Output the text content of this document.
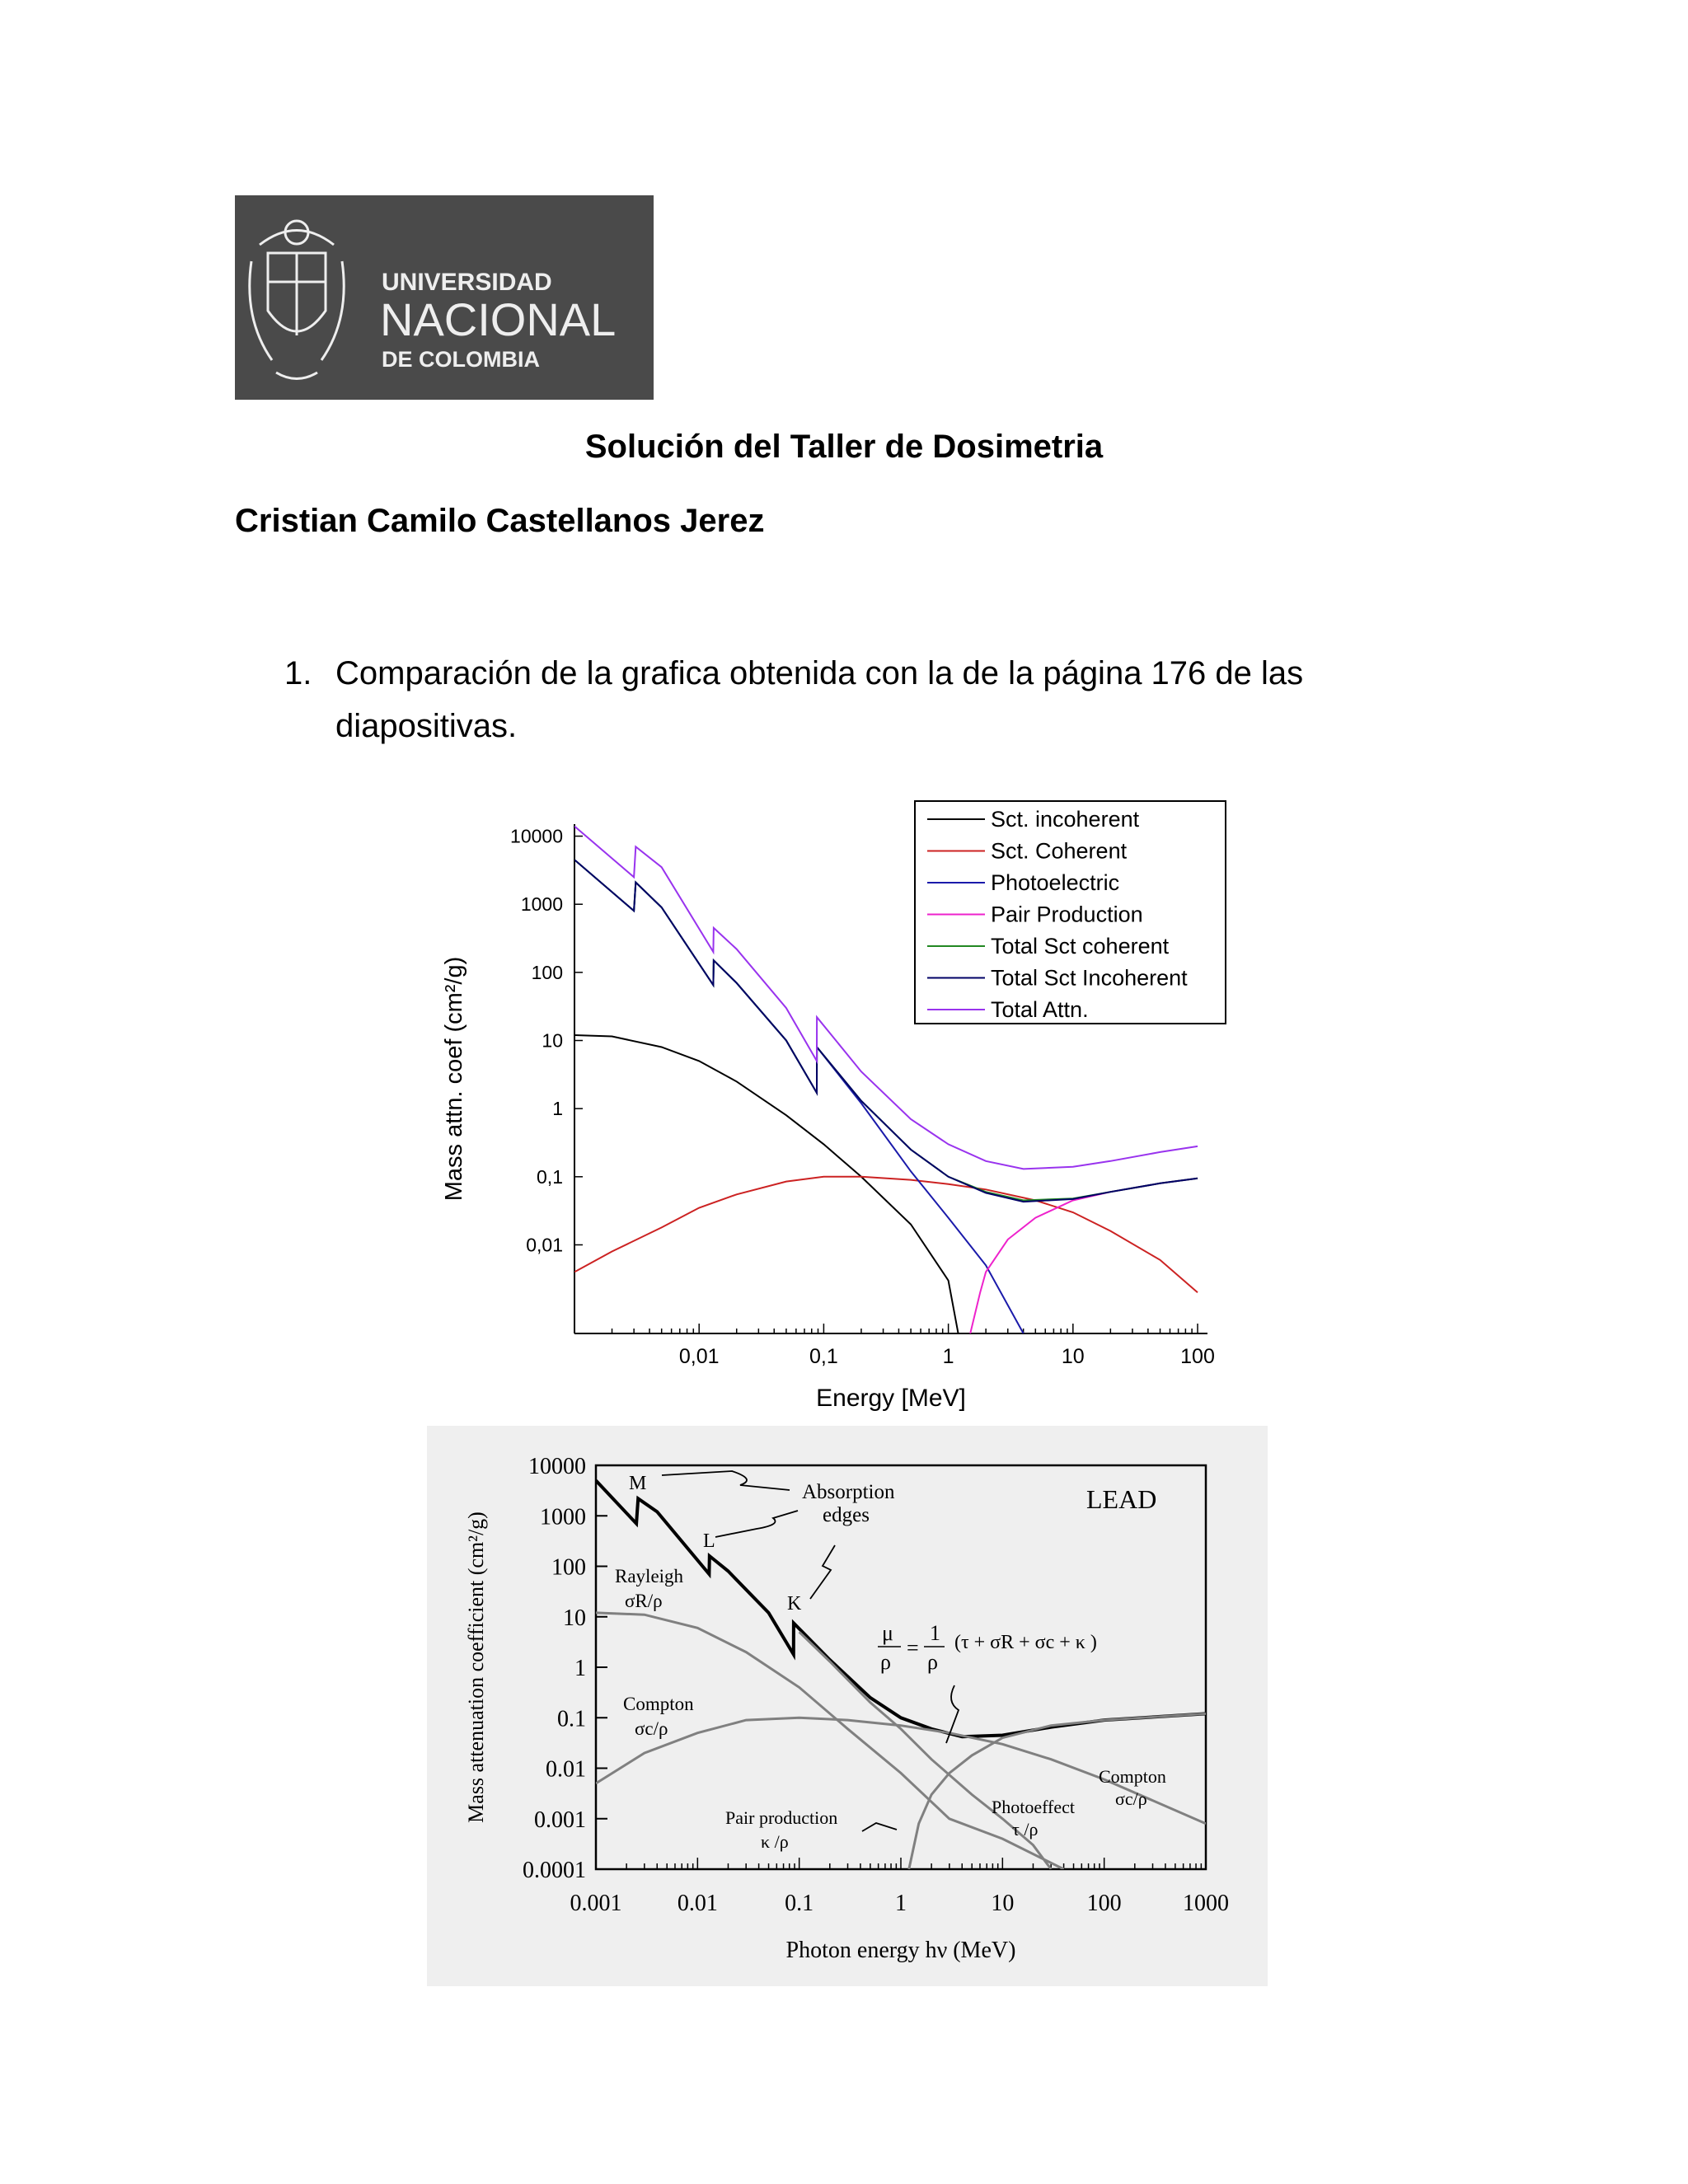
UNIVERSIDAD
NACIONAL
DE COLOMBIA
Solución del Taller de Dosimetria
Cristian Camilo Castellanos Jerez
1. Comparación de la grafica obtenida con la de la página 176 de las diapositivas.
0,01	0,1	1	10	100
0,01
0,1
1
10
100
1000
10000
Energy [MeV]
Mass attn. coef (cm²/g)
Sct. incoherent
Sct. Coherent
Photoelectric
Pair Production
Total Sct coherent
Total Sct Incoherent
Total Attn.
0.001 0.01	0.1	1	10	100	1000
0.0001
0.001
0.01
0.1
1
10
100
1000
10000
Photon energy hν (MeV)
Mass attenuation coefficient (cm²/g)
LEAD
Absorption
edges
M
L
K
Rayleigh
σR/ρ
Compton
σc/ρ
Compton
σc/ρ
Pair production
κ /ρ
Photoeffect
τ /ρ
μ
ρ
=
1
ρ
(τ + σR + σc + κ )
